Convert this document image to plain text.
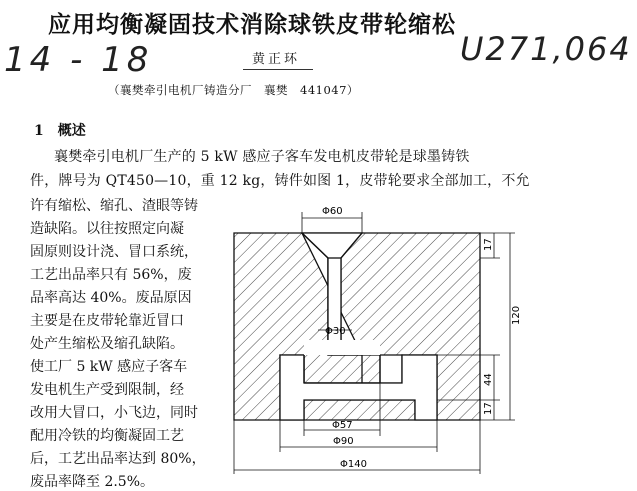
应用均衡凝固技术消除球铁皮带轮缩松
14 - 18	U271,064
黄正环
（襄樊牵引电机厂铸造分厂　襄樊　441047）
1　概述
襄樊牵引电机厂生产的 5 kW 感应子客车发电机皮带轮是球墨铸铁
件，牌号为 QT450—10，重 12 kg，铸件如图 1，皮带轮要求全部加工，不允
许有缩松、缩孔、渣眼等铸
造缺陷。以往按照定向凝
固原则设计浇、冒口系统，
工艺出品率只有 56%，废
品率高达 40%。废品原因
主要是在皮带轮靠近冒口
处产生缩松及缩孔缺陷。
使工厂 5 kW 感应子客车
发电机生产受到限制，经
改用大冒口，小飞边，同时
配用冷铁的均衡凝固工艺
后，工艺出品率达到 80%，
废品率降至 2.5%。
Φ60
Φ30
Φ57
Φ90
Φ140
17
120
44
17
